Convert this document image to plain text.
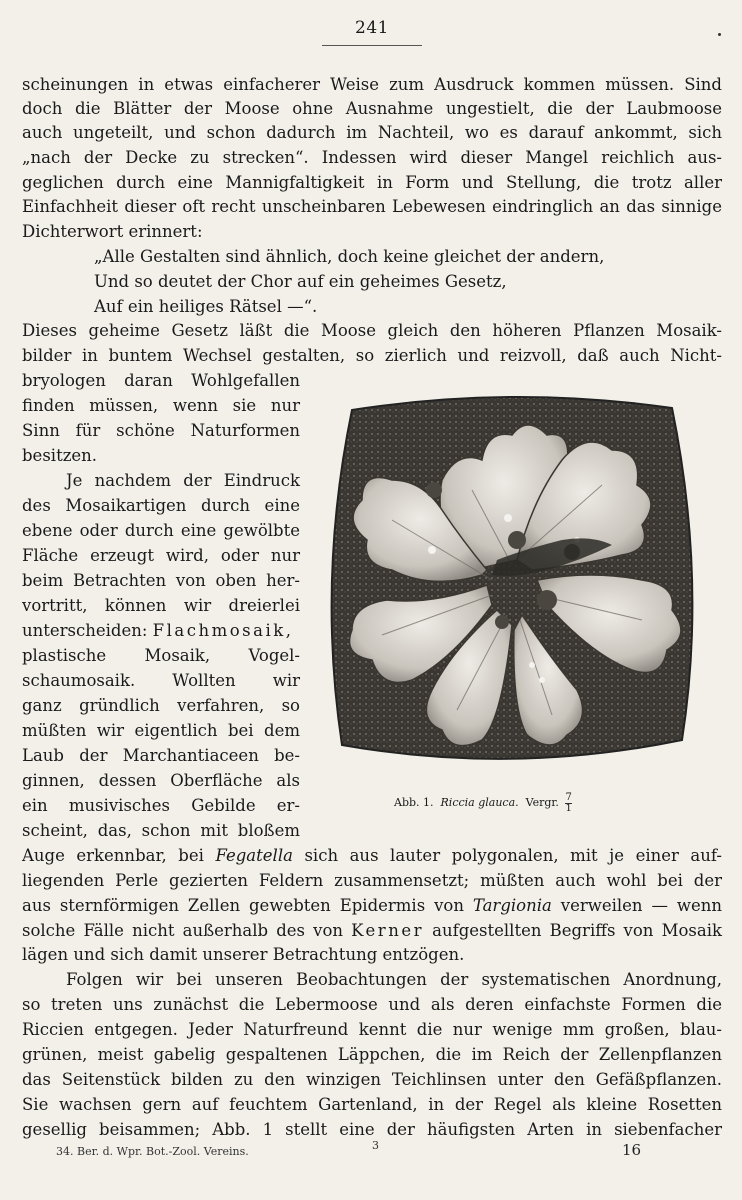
241
scheinungen in etwas einfacherer Weise zum Ausdruck kommen müssen. Sind
doch die Blätter der Moose ohne Ausnahme ungestielt, die der Laubmoose
auch ungeteilt, und schon dadurch im Nachteil, wo es darauf ankommt, sich
„nach der Decke zu strecken“. Indessen wird dieser Mangel reichlich aus-
geglichen durch eine Mannigfaltigkeit in Form und Stellung, die trotz aller
Einfachheit dieser oft recht unscheinbaren Lebewesen eindringlich an das sinnige
Dichterwort erinnert:
„Alle Gestalten sind ähnlich, doch keine gleichet der andern,
Und so deutet der Chor auf ein geheimes Gesetz,
Auf ein heiliges Rätsel —“.
Dieses geheime Gesetz läßt die Moose gleich den höheren Pflanzen Mosaik-
bilder in buntem Wechsel gestalten, so zierlich und reizvoll, daß auch Nicht-
bryologen daran Wohlgefallen
finden müssen, wenn sie nur
Sinn für schöne Naturformen
besitzen.
Je nachdem der Eindruck
des Mosaikartigen durch eine
ebene oder durch eine gewölbte
Fläche erzeugt wird, oder nur
beim Betrachten von oben her-
vortritt, können wir dreierlei
unterscheiden: Flachmosaik,
plastische Mosaik, Vogel-
schaumosaik. Wollten wir
ganz gründlich verfahren, so
müßten wir eigentlich bei dem
Laub der Marchantiaceen be-
ginnen, dessen Oberfläche als
ein musivisches Gebilde er-
scheint, das, schon mit bloßem
Abb. 1. Riccia glauca. Vergr. $\frac{7}{1}$
Auge erkennbar, bei Fegatella sich aus lauter polygonalen, mit je einer auf-
liegenden Perle gezierten Feldern zusammensetzt; müßten auch wohl bei der
aus sternförmigen Zellen gewebten Epidermis von Targionia verweilen — wenn
solche Fälle nicht außerhalb des von Kerner aufgestellten Begriffs von Mosaik
lägen und sich damit unserer Betrachtung entzögen.
Folgen wir bei unseren Beobachtungen der systematischen Anordnung,
so treten uns zunächst die Lebermoose und als deren einfachste Formen die
Riccien entgegen. Jeder Naturfreund kennt die nur wenige mm großen, blau-
grünen, meist gabelig gespaltenen Läppchen, die im Reich der Zellenpflanzen
das Seitenstück bilden zu den winzigen Teichlinsen unter den Gefäßpflanzen.
Sie wachsen gern auf feuchtem Gartenland, in der Regel als kleine Rosetten
gesellig beisammen; Abb. 1 stellt eine der häufigsten Arten in siebenfacher
34. Ber. d. Wpr. Bot.-Zool. Vereins.	3	16
